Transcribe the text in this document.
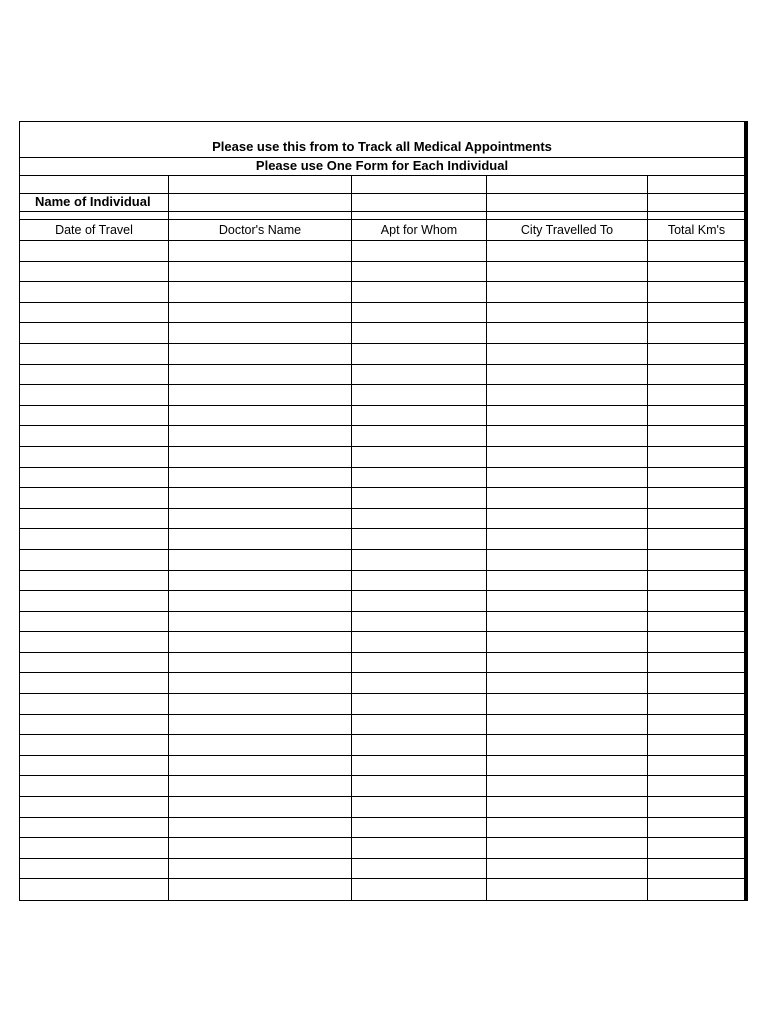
Please use this from to Track all Medical Appointments
Please use One Form for Each Individual
Name of Individual
Date of Travel	Doctor's Name	Apt for Whom	City Travelled To	Total Km's
